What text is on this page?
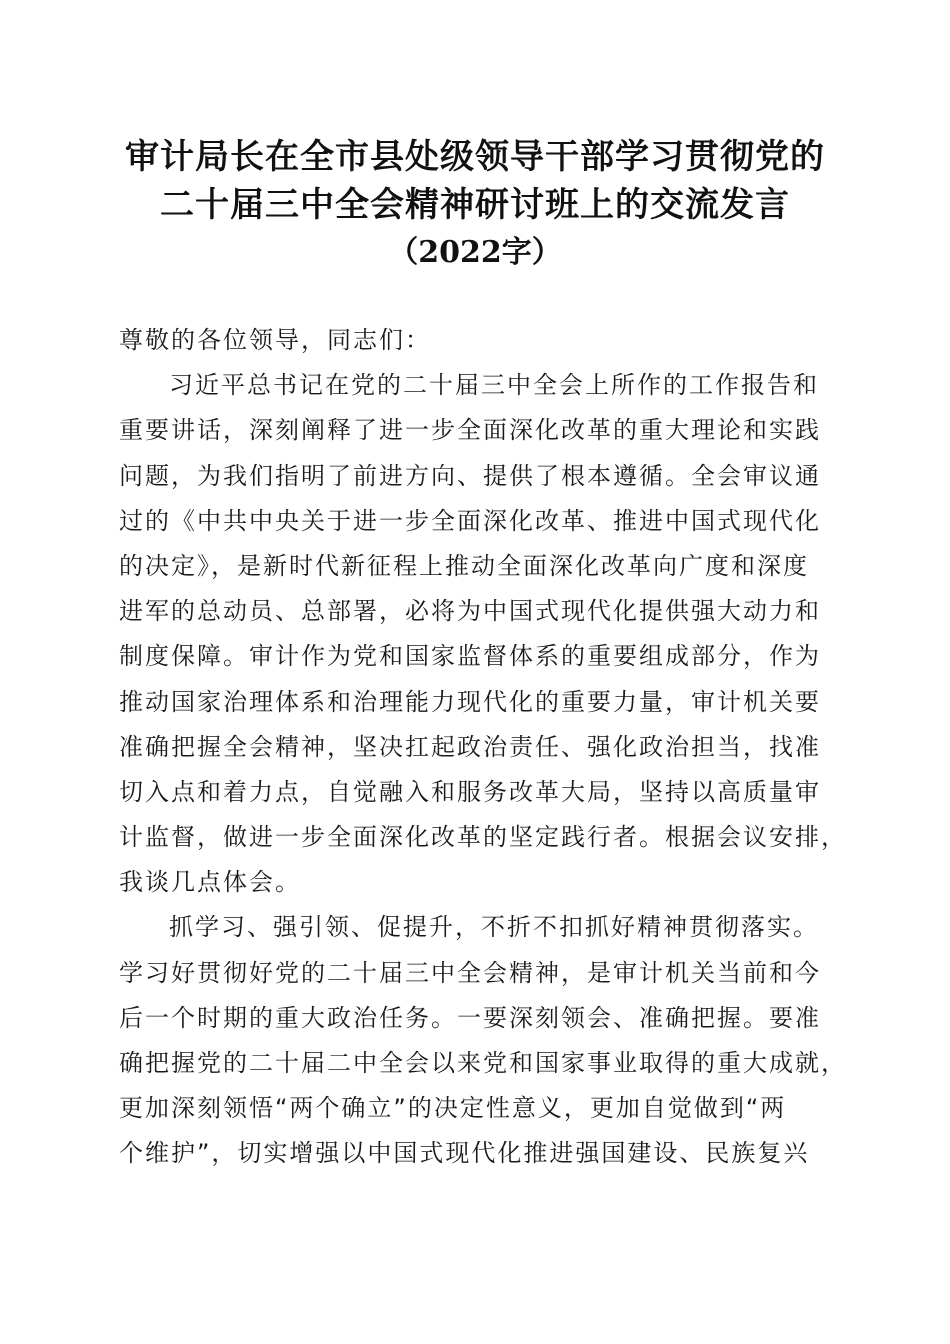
审计局长在全市县处级领导干部学习贯彻党的
二十届三中全会精神研讨班上的交流发言
（2022字）
尊敬的各位领导，同志们：
习近平总书记在党的二十届三中全会上所作的工作报告和
重要讲话，深刻阐释了进一步全面深化改革的重大理论和实践
问题，为我们指明了前进方向、提供了根本遵循。全会审议通
过的《中共中央关于进一步全面深化改革、推进中国式现代化
的决定》，是新时代新征程上推动全面深化改革向广度和深度
进军的总动员、总部署，必将为中国式现代化提供强大动力和
制度保障。审计作为党和国家监督体系的重要组成部分，作为
推动国家治理体系和治理能力现代化的重要力量，审计机关要
准确把握全会精神，坚决扛起政治责任、强化政治担当，找准
切入点和着力点，自觉融入和服务改革大局，坚持以高质量审
计监督，做进一步全面深化改革的坚定践行者。根据会议安排，
我谈几点体会。
抓学习、强引领、促提升，不折不扣抓好精神贯彻落实。
学习好贯彻好党的二十届三中全会精神，是审计机关当前和今
后一个时期的重大政治任务。一要深刻领会、准确把握。要准
确把握党的二十届二中全会以来党和国家事业取得的重大成就，
更加深刻领悟“两个确立”的决定性意义，更加自觉做到“两
个维护”，切实增强以中国式现代化推进强国建设、民族复兴
